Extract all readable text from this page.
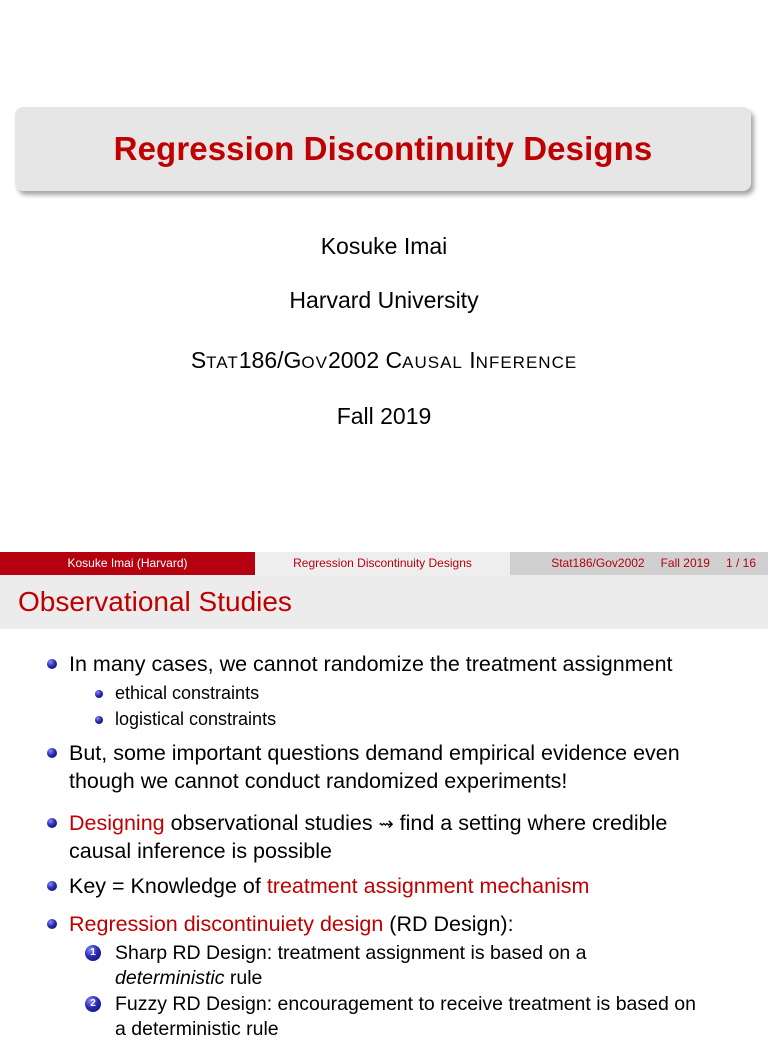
Regression Discontinuity Designs
Kosuke Imai
Harvard University
STAT186/GOV2002 CAUSAL INFERENCE
Fall 2019
Kosuke Imai (Harvard)	Regression Discontinuity Designs	Stat186/Gov2002 Fall 2019 1 / 16
Observational Studies
In many cases, we cannot randomize the treatment assignment
ethical constraints
logistical constraints
But, some important questions demand empirical evidence even
though we cannot conduct randomized experiments!
Designing observational studies ⇝ find a setting where credible
causal inference is possible
Key = Knowledge of treatment assignment mechanism
Regression discontinuiety design (RD Design):
1 Sharp RD Design: treatment assignment is based on a
deterministic rule
2 Fuzzy RD Design: encouragement to receive treatment is based on
a deterministic rule
